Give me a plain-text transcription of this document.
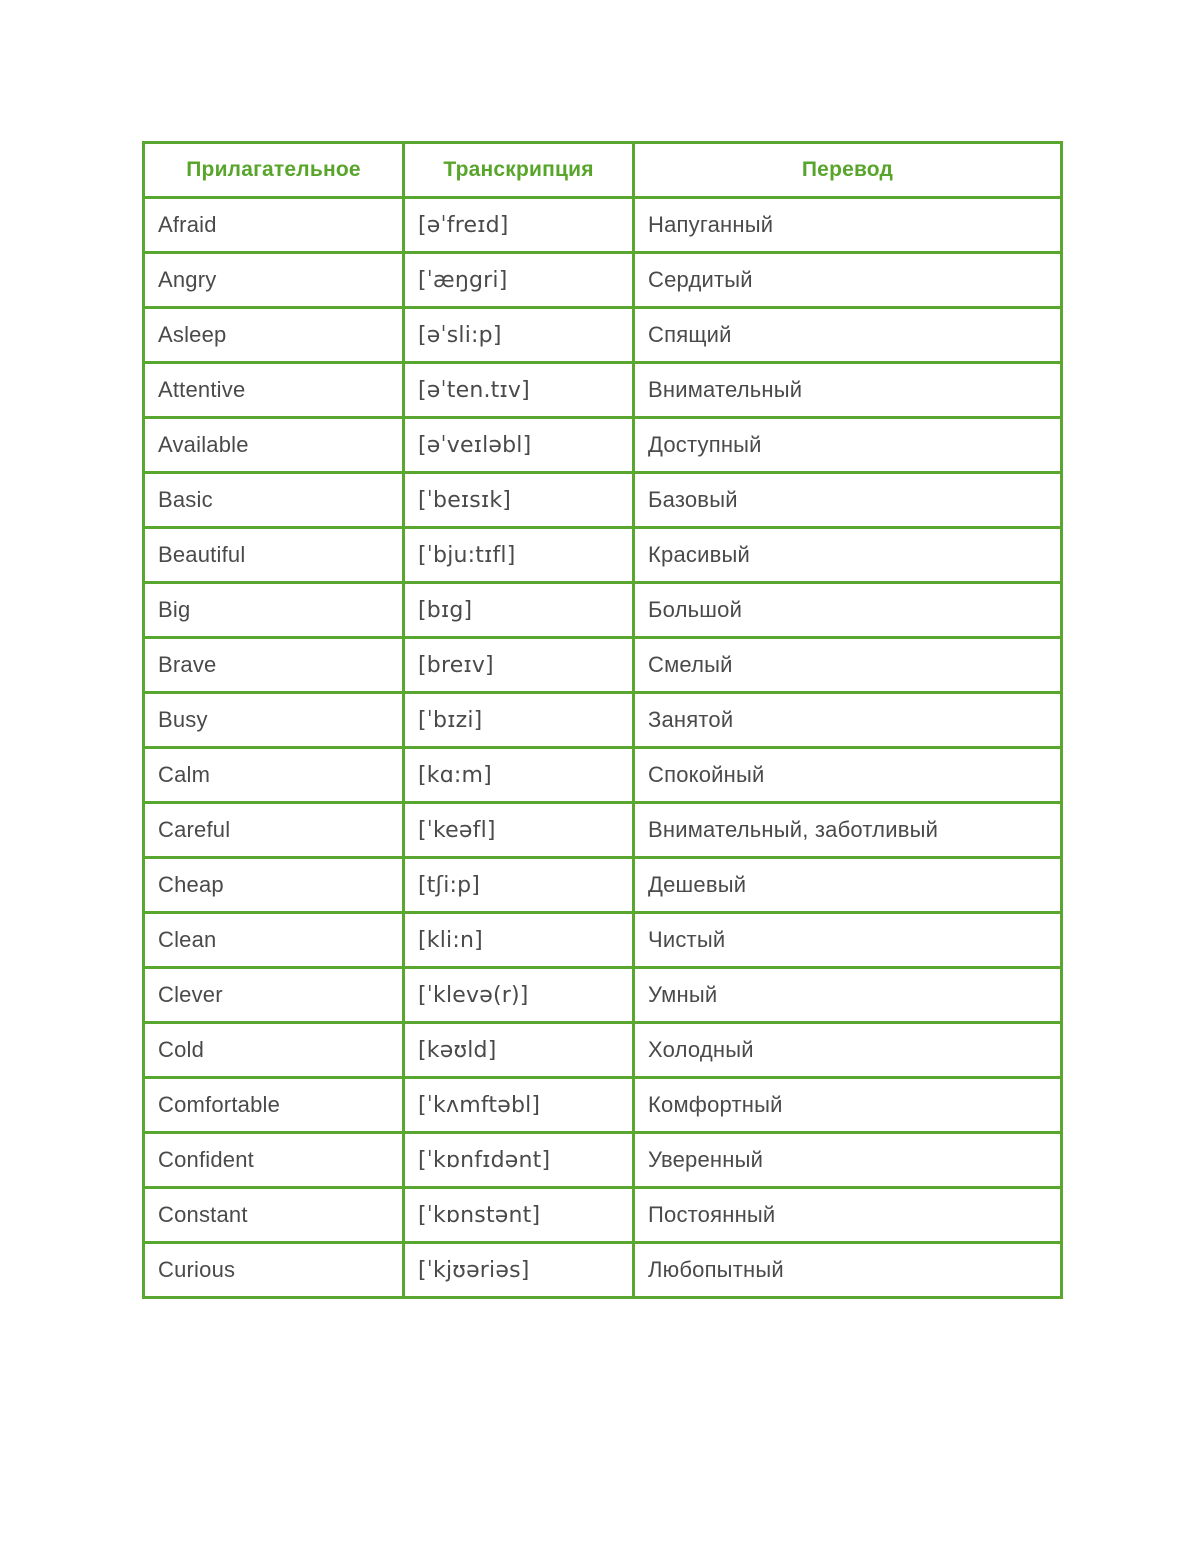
Прилагательное	Транскрипция	Перевод
Afraid	[əˈfreɪd]	Напуганный
Angry	[ˈæŋgri]	Сердитый
Asleep	[əˈsli:p]	Спящий
Attentive	[əˈten.tɪv]	Внимательный
Available	[əˈveɪləbl]	Доступный
Basic	[ˈbeɪsɪk]	Базовый
Beautiful	[ˈbju:tɪfl]	Красивый
Big	[bɪg]	Большой
Brave	[breɪv]	Смелый
Busy	[ˈbɪzi]	Занятой
Calm	[kɑ:m]	Спокойный
Careful	[ˈkeəfl]	Внимательный, заботливый
Cheap	[tʃi:p]	Дешевый
Clean	[kli:n]	Чистый
Clever	[ˈklevə(r)]	Умный
Cold	[kəʊld]	Холодный
Comfortable	[ˈkʌmftəbl]	Комфортный
Confident	[ˈkɒnfɪdənt]	Уверенный
Constant	[ˈkɒnstənt]	Постоянный
Curious	[ˈkjʊəriəs]	Любопытный
